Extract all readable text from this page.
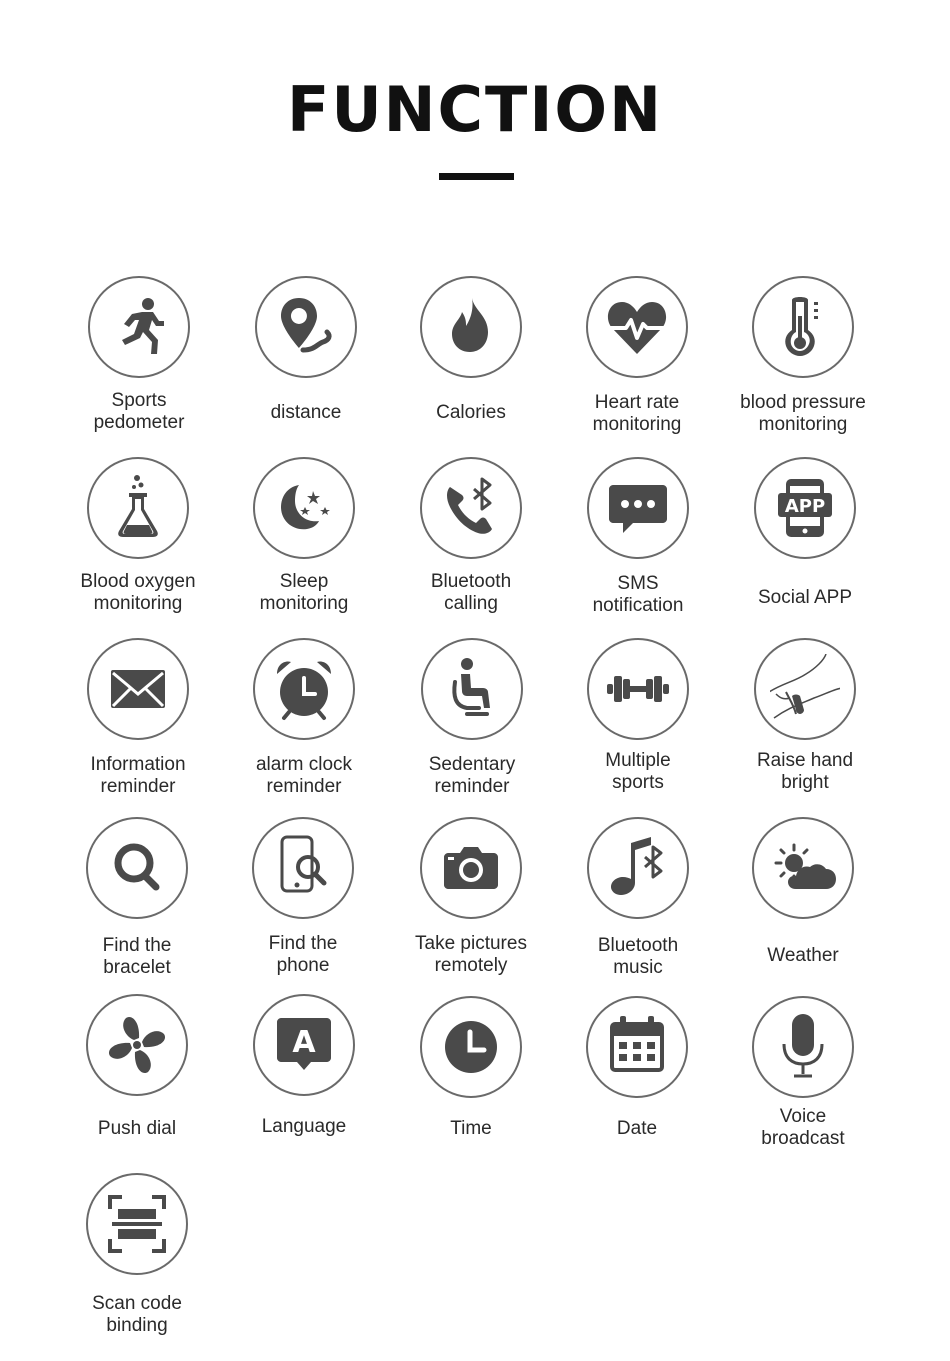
FUNCTION
Sports
pedometer	distance	Calories	Heart rate
monitoring
blood pressure
monitoring
Blood oxygen
monitoring
Sleep
monitoring
Bluetooth
calling
SMS
notification
APP
Social APP
Information
reminder
alarm clock
reminder
Sedentary
reminder
Multiple
sports
Raise hand
bright
Find the
bracelet
Find the
phone
Take pictures
remotely
Bluetooth
music
Weather
Push dial
A
Language	Time	Date
Voice
broadcast
Scan code
binding
